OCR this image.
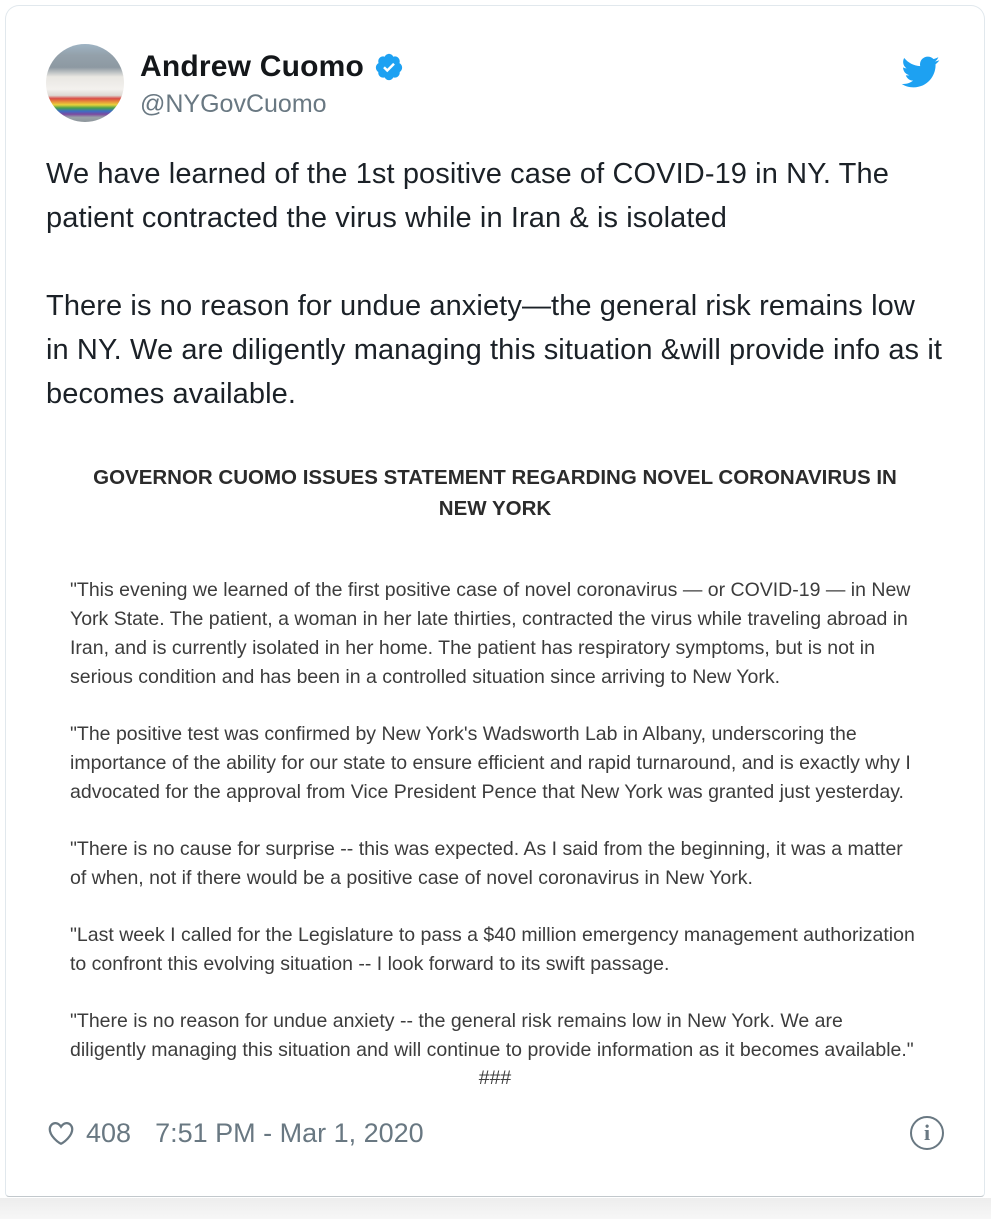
Andrew Cuomo
@NYGovCuomo

We have learned of the 1st positive case of COVID-19 in NY. The patient contracted the virus while in Iran & is isolated

There is no reason for undue anxiety—the general risk remains low in NY. We are diligently managing this situation &will provide info as it becomes available.

GOVERNOR CUOMO ISSUES STATEMENT REGARDING NOVEL CORONAVIRUS IN NEW YORK

"This evening we learned of the first positive case of novel coronavirus — or COVID-19 — in New York State. The patient, a woman in her late thirties, contracted the virus while traveling abroad in Iran, and is currently isolated in her home. The patient has respiratory symptoms, but is not in serious condition and has been in a controlled situation since arriving to New York.

"The positive test was confirmed by New York's Wadsworth Lab in Albany, underscoring the importance of the ability for our state to ensure efficient and rapid turnaround, and is exactly why I advocated for the approval from Vice President Pence that New York was granted just yesterday.

"There is no cause for surprise -- this was expected. As I said from the beginning, it was a matter of when, not if there would be a positive case of novel coronavirus in New York.

"Last week I called for the Legislature to pass a $40 million emergency management authorization to confront this evolving situation -- I look forward to its swift passage.

"There is no reason for undue anxiety -- the general risk remains low in New York. We are diligently managing this situation and will continue to provide information as it becomes available."

###
408 7:51 PM - Mar 1, 2020	i
